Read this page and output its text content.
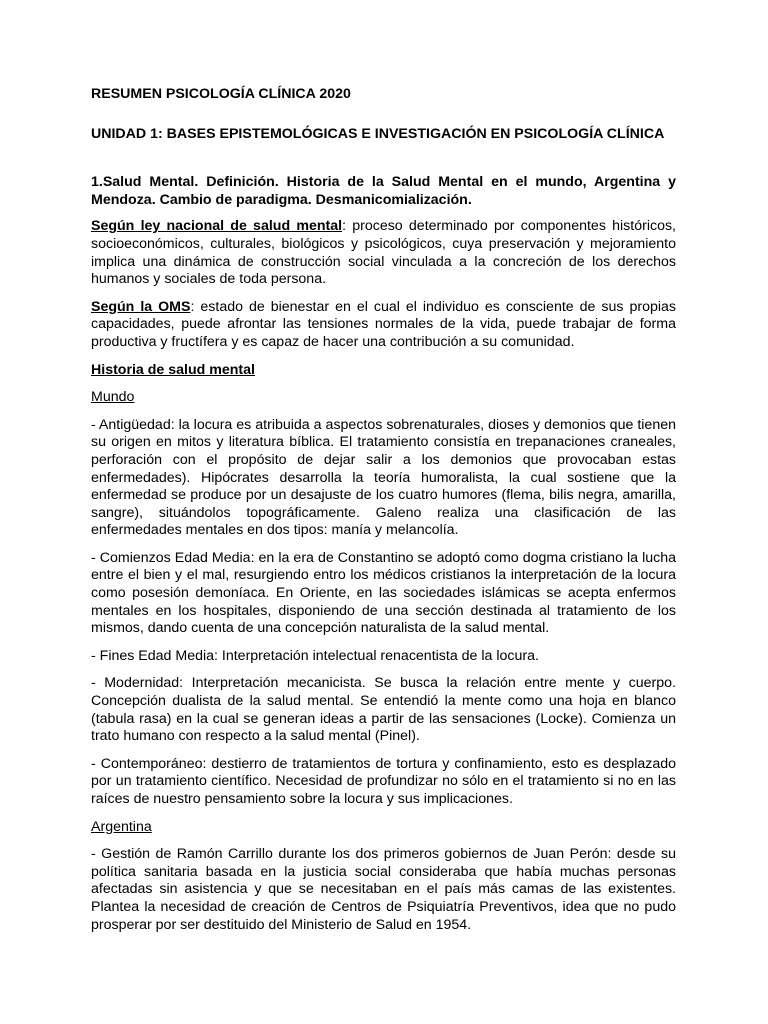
RESUMEN PSICOLOGÍA CLÍNICA 2020

UNIDAD 1: BASES EPISTEMOLÓGICAS E INVESTIGACIÓN EN PSICOLOGÍA CLÍNICA

1.Salud Mental. Definición. Historia de la Salud Mental en el mundo, Argentina y Mendoza. Cambio de paradigma. Desmanicomialización.

Según ley nacional de salud mental: proceso determinado por componentes históricos, socioeconómicos, culturales, biológicos y psicológicos, cuya preservación y mejoramiento implica una dinámica de construcción social vinculada a la concreción de los derechos humanos y sociales de toda persona.

Según la OMS: estado de bienestar en el cual el individuo es consciente de sus propias capacidades, puede afrontar las tensiones normales de la vida, puede trabajar de forma productiva y fructífera y es capaz de hacer una contribución a su comunidad.

Historia de salud mental

Mundo

- Antigüedad: la locura es atribuida a aspectos sobrenaturales, dioses y demonios que tienen su origen en mitos y literatura bíblica. El tratamiento consistía en trepanaciones craneales, perforación con el propósito de dejar salir a los demonios que provocaban estas enfermedades). Hipócrates desarrolla la teoría humoralista, la cual sostiene que la enfermedad se produce por un desajuste de los cuatro humores (flema, bilis negra, amarilla, sangre), situándolos topográficamente. Galeno realiza una clasificación de las enfermedades mentales en dos tipos: manía y melancolía.

- Comienzos Edad Media: en la era de Constantino se adoptó como dogma cristiano la lucha entre el bien y el mal, resurgiendo entro los médicos cristianos la interpretación de la locura como posesión demoníaca. En Oriente, en las sociedades islámicas se acepta enfermos mentales en los hospitales, disponiendo de una sección destinada al tratamiento de los mismos, dando cuenta de una concepción naturalista de la salud mental.

- Fines Edad Media: Interpretación intelectual renacentista de la locura.

- Modernidad: Interpretación mecanicista. Se busca la relación entre mente y cuerpo. Concepción dualista de la salud mental. Se entendió la mente como una hoja en blanco (tabula rasa) en la cual se generan ideas a partir de las sensaciones (Locke). Comienza un trato humano con respecto a la salud mental (Pinel).

- Contemporáneo: destierro de tratamientos de tortura y confinamiento, esto es desplazado por un tratamiento científico. Necesidad de profundizar no sólo en el tratamiento si no en las raíces de nuestro pensamiento sobre la locura y sus implicaciones.

Argentina

- Gestión de Ramón Carrillo durante los dos primeros gobiernos de Juan Perón: desde su política sanitaria basada en la justicia social consideraba que había muchas personas afectadas sin asistencia y que se necesitaban en el país más camas de las existentes. Plantea la necesidad de creación de Centros de Psiquiatría Preventivos, idea que no pudo prosperar por ser destituido del Ministerio de Salud en 1954.
